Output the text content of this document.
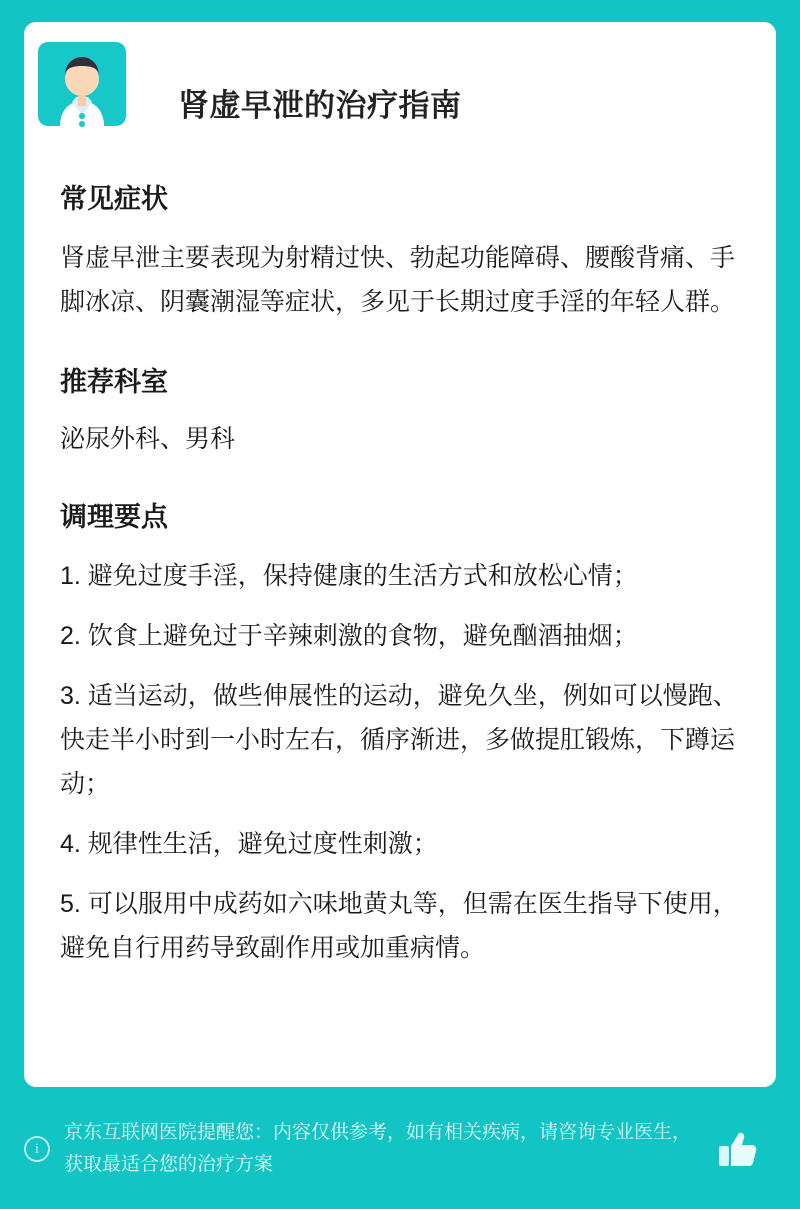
肾虚早泄的治疗指南
常见症状

肾虚早泄主要表现为射精过快、勃起功能障碍、腰酸背痛、手脚冰凉、阴囊潮湿等症状，多见于长期过度手淫的年轻人群。

推荐科室

泌尿外科、男科

调理要点
1. 避免过度手淫，保持健康的生活方式和放松心情；
2. 饮食上避免过于辛辣刺激的食物，避免酗酒抽烟；
3. 适当运动，做些伸展性的运动，避免久坐，例如可以慢跑、快走半小时到一小时左右，循序渐进，多做提肛锻炼，下蹲运动；
4. 规律性生活，避免过度性刺激；
5. 可以服用中成药如六味地黄丸等，但需在医生指导下使用，避免自行用药导致副作用或加重病情。
i
京东互联网医院提醒您：内容仅供参考，如有相关疾病，请咨询专业医生，获取最适合您的治疗方案
